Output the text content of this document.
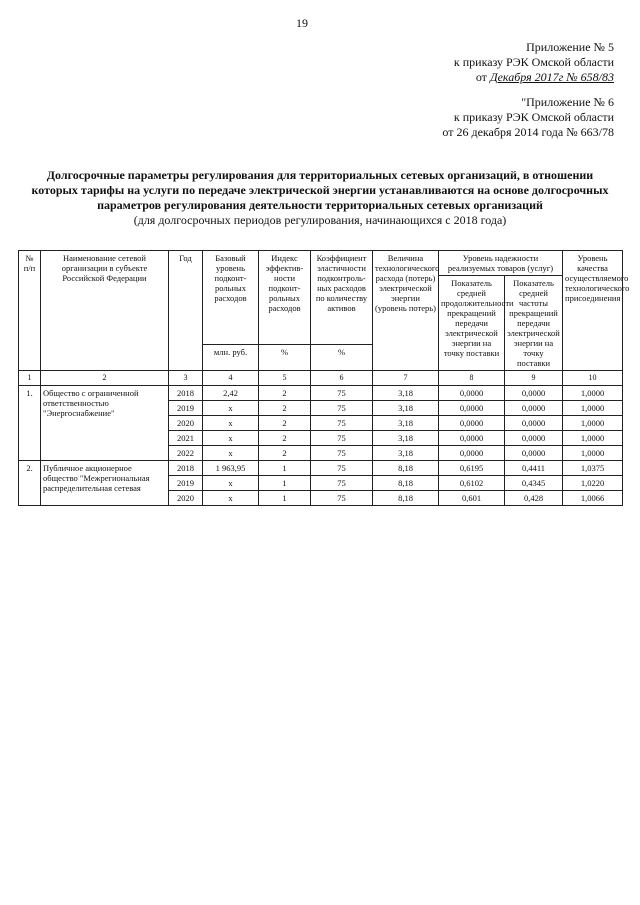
19
Приложение № 5
к приказу РЭК Омской области
от Декабря 2017г № 658/83
"Приложение № 6
к приказу РЭК Омской области
от 26 декабря 2014 года № 663/78
Долгосрочные параметры регулирования для территориальных сетевых организаций, в отношении которых тарифы на услуги по передаче электрической энергии устанавливаются на основе долгосрочных параметров регулирования деятельности территориальных сетевых организаций
(для долгосрочных периодов регулирования, начинающихся с 2018 года)
№ п/п	Наименование сетевой организации в субъекте Российской Федерации	Год	Базовый уровень подконт-рольных расходов	Индекс эффектив-ности подконт-рольных расходов	Коэффициент эластичности подконтроль-ных расходов по количеству активов	Величина технологического расхода (потерь) электрической энергии (уровень потерь)	Уровень надежности реализуемых товаров (услуг)		Уровень качества осуществляемого технологического присоединения
							Показатель средней продолжительности прекращений передачи электрической энергии на точку поставки	Показатель средней частоты прекращений передачи электрической энергии на точку поставки	
			млн. руб.	%	%				
1	2	3	4	5	6	7	8	9	10
1.	Общество с ограниченной ответственностью "Энергоснабжение"	2018	2,42	2	75	3,18	0,0000	0,0000	1,0000
		2019	x	2	75	3,18	0,0000	0,0000	1,0000
		2020	x	2	75	3,18	0,0000	0,0000	1,0000
		2021	x	2	75	3,18	0,0000	0,0000	1,0000
		2022	x	2	75	3,18	0,0000	0,0000	1,0000
2.	Публичное акционерное общество "Межрегиональная распределительная сетевая	2018	1 963,95	1	75	8,18	0,6195	0,4411	1,0375
		2019	x	1	75	8,18	0,6102	0,4345	1,0220
		2020	x	1	75	8,18	0,601	0,428	1,0066
